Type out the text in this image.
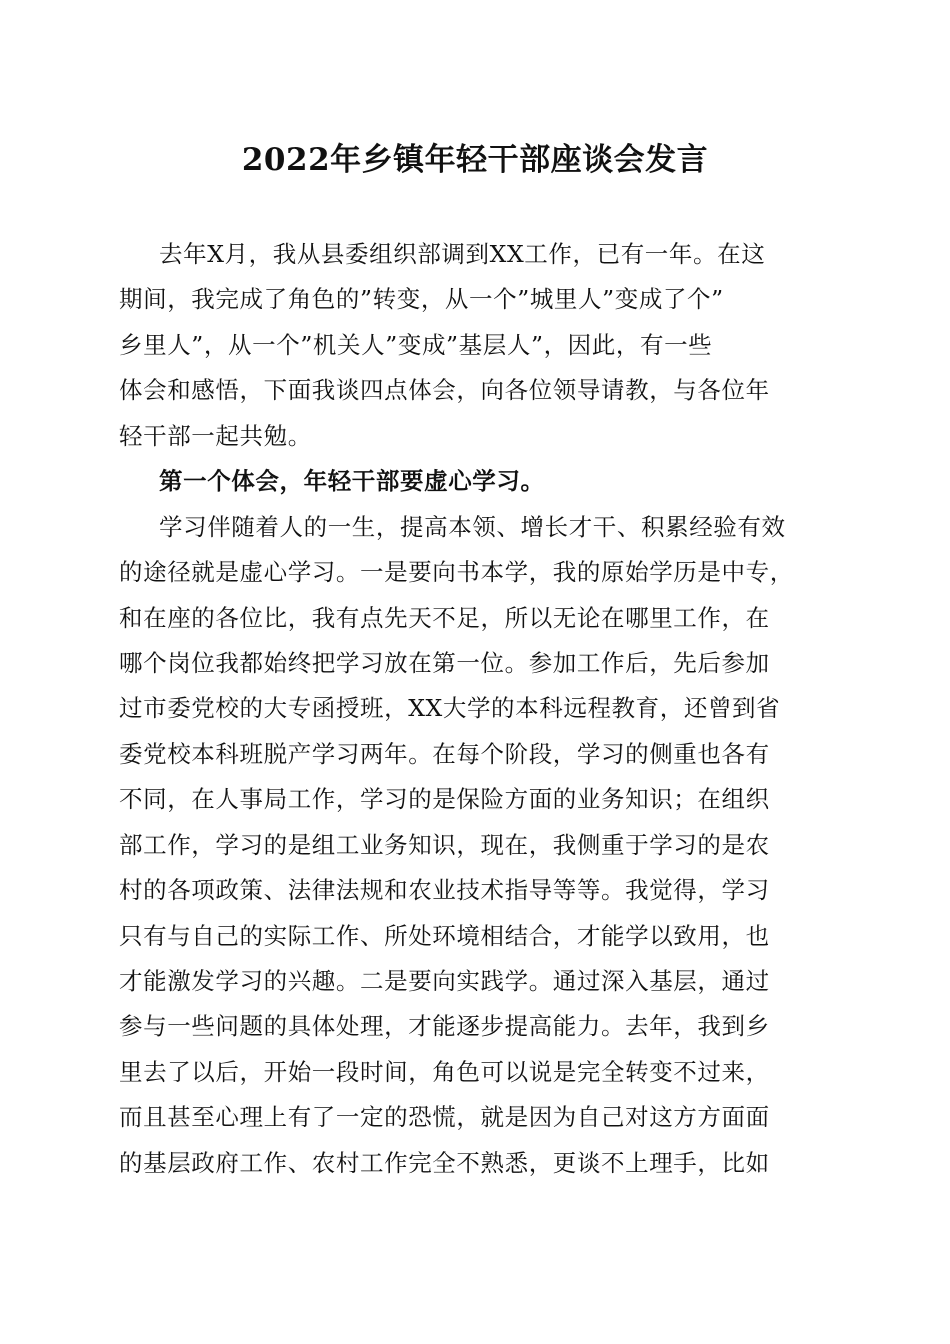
2022年乡镇年轻干部座谈会发言
去年X月，我从县委组织部调到XX工作，已有一年。在这
期间，我完成了角色的”转变，从一个”城里人”变成了个”
乡里人”，从一个”机关人”变成”基层人”，因此，有一些
体会和感悟，下面我谈四点体会，向各位领导请教，与各位年
轻干部一起共勉。
第一个体会，年轻干部要虚心学习。
学习伴随着人的一生，提高本领、增长才干、积累经验有效
的途径就是虚心学习。一是要向书本学，我的原始学历是中专，
和在座的各位比，我有点先天不足，所以无论在哪里工作，在
哪个岗位我都始终把学习放在第一位。参加工作后，先后参加
过市委党校的大专函授班，XX大学的本科远程教育，还曾到省
委党校本科班脱产学习两年。在每个阶段，学习的侧重也各有
不同，在人事局工作，学习的是保险方面的业务知识；在组织
部工作，学习的是组工业务知识，现在，我侧重于学习的是农
村的各项政策、法律法规和农业技术指导等等。我觉得，学习
只有与自己的实际工作、所处环境相结合，才能学以致用，也
才能激发学习的兴趣。二是要向实践学。通过深入基层，通过
参与一些问题的具体处理，才能逐步提高能力。去年，我到乡
里去了以后，开始一段时间，角色可以说是完全转变不过来，
而且甚至心理上有了一定的恐慌，就是因为自己对这方方面面
的基层政府工作、农村工作完全不熟悉，更谈不上理手，比如
